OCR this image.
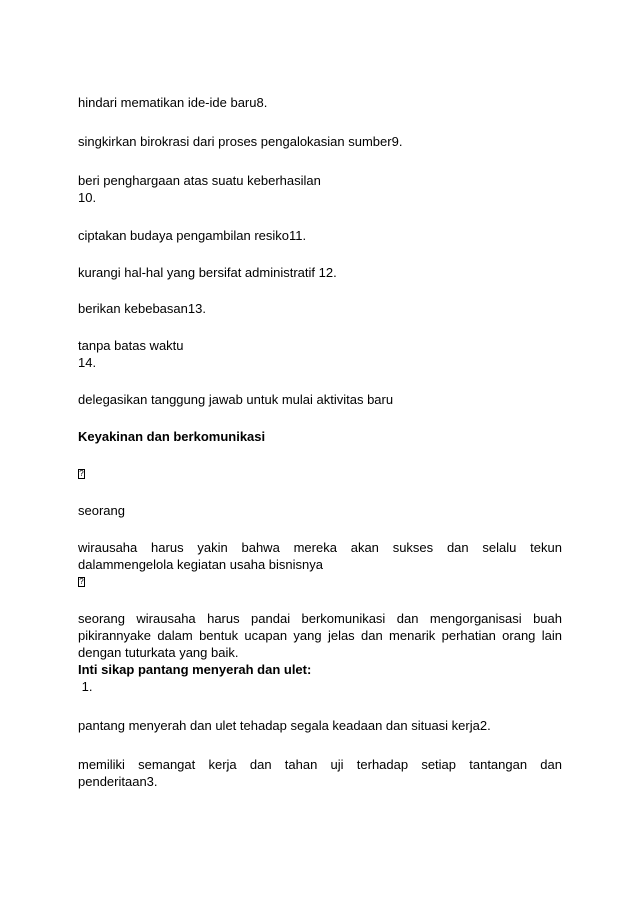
hindari mematikan ide-ide baru8.
singkirkan birokrasi dari proses pengalokasian sumber9.
beri penghargaan atas suatu keberhasilan
10.
ciptakan budaya pengambilan resiko11.
kurangi hal-hal yang bersifat administratif 12.
berikan kebebasan13.
tanpa batas waktu
14.
delegasikan tanggung jawab untuk mulai aktivitas baru
Keyakinan dan berkomunikasi
?
seorang
wirausaha harus yakin bahwa mereka akan sukses dan selalu tekun
dalammengelola kegiatan usaha bisnisnya
?
seorang wirausaha harus pandai berkomunikasi dan mengorganisasi buah
pikirannyake dalam bentuk ucapan yang jelas dan menarik perhatian orang lain
dengan tuturkata yang baik.
Inti sikap pantang menyerah dan ulet:
1.
pantang menyerah dan ulet tehadap segala keadaan dan situasi kerja2.
memiliki semangat kerja dan tahan uji terhadap setiap tantangan dan
penderitaan3.
